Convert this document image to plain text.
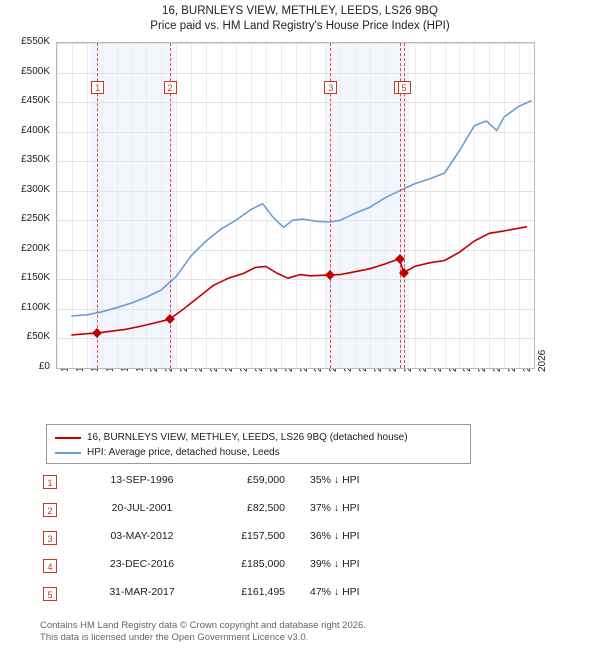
16, BURNLEYS VIEW, METHLEY, LEEDS, LS26 9BQ
Price paid vs. HM Land Registry's House Price Index (HPI)
£0
£50K
£100K
£150K
£200K
£250K
£300K
£350K
£400K
£450K
£500K
£550K
2026
1	2	3	5
16, BURNLEYS VIEW, METHLEY, LEEDS, LS26 9BQ (detached house)
HPI: Average price, detached house, Leeds
1	13-SEP-1996	£59,000 35% ↓ HPI
2	20-JUL-2001	£82,500 37% ↓ HPI
3	03-MAY-2012	£157,500 36% ↓ HPI
4	23-DEC-2016	£185,000 39% ↓ HPI
5	31-MAR-2017	£161,495 47% ↓ HPI
Contains HM Land Registry data © Crown copyright and database right 2026.
This data is licensed under the Open Government Licence v3.0.
